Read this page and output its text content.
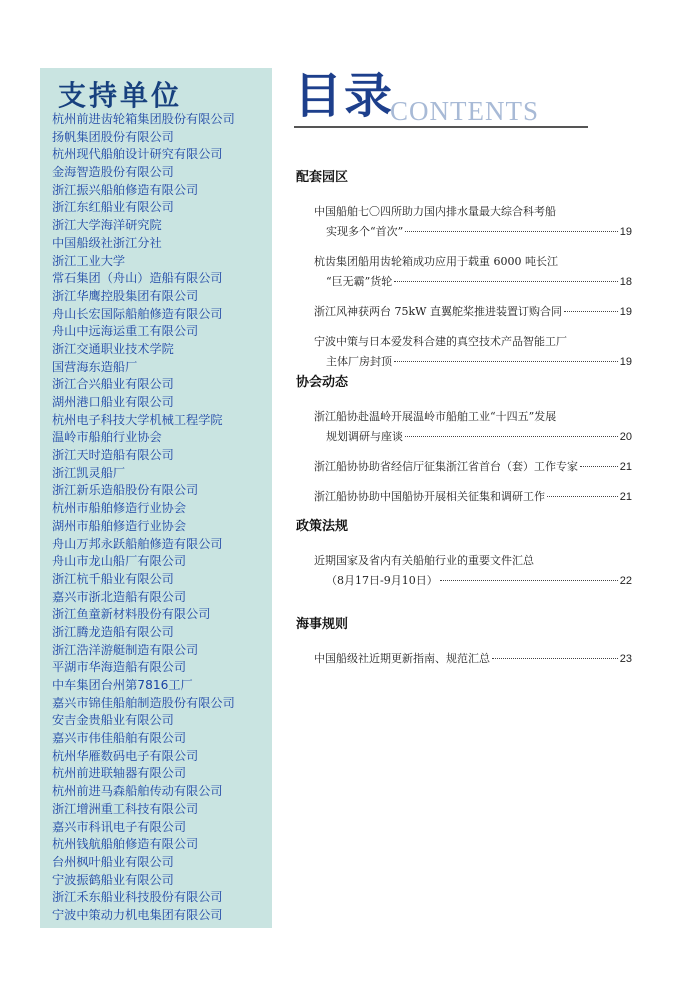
支持单位
杭州前进齿轮箱集团股份有限公司
扬帆集团股份有限公司
杭州现代船舶设计研究有限公司
金海智造股份有限公司
浙江振兴船舶修造有限公司
浙江东红船业有限公司
浙江大学海洋研究院
中国船级社浙江分社
浙江工业大学
常石集团（舟山）造船有限公司
浙江华鹰控股集团有限公司
舟山长宏国际船舶修造有限公司
舟山中远海运重工有限公司
浙江交通职业技术学院
国营海东造船厂
浙江合兴船业有限公司
湖州港口船业有限公司
杭州电子科技大学机械工程学院
温岭市船舶行业协会
浙江天时造船有限公司
浙江凯灵船厂
浙江新乐造船股份有限公司
杭州市船舶修造行业协会
湖州市船舶修造行业协会
舟山万邦永跃船舶修造有限公司
舟山市龙山船厂有限公司
浙江杭千船业有限公司
嘉兴市浙北造船有限公司
浙江鱼童新材料股份有限公司
浙江腾龙造船有限公司
浙江浩洋游艇制造有限公司
平湖市华海造船有限公司
中车集团台州第7816工厂
嘉兴市锦佳船舶制造股份有限公司
安吉金贵船业有限公司
嘉兴市伟佳船舶有限公司
杭州华雁数码电子有限公司
杭州前进联轴器有限公司
杭州前进马森船舶传动有限公司
浙江增洲重工科技有限公司
嘉兴市科讯电子有限公司
杭州钱航船舶修造有限公司
台州枫叶船业有限公司
宁波振鹤船业有限公司
浙江禾东船业科技股份有限公司
宁波中策动力机电集团有限公司
目录
CONTENTS
配套园区
中国船舶七〇四所助力国内排水量最大综合科考船
实现多个“首次”	19
杭齿集团船用齿轮箱成功应用于载重 6000 吨长江
“巨无霸”货轮	18
浙江风神获两台 75kW 直翼舵桨推进装置订购合同	19
宁波中策与日本爱发科合建的真空技术产品智能工厂
主体厂房封顶	19
协会动态
浙江船协赴温岭开展温岭市船舶工业“十四五”发展
规划调研与座谈	20
浙江船协协助省经信厅征集浙江省首台（套）工作专家	21
浙江船协协助中国船协开展相关征集和调研工作	21
政策法规
近期国家及省内有关船舶行业的重要文件汇总
（8月17日-9月10日）	22
海事规则
中国船级社近期更新指南、规范汇总	23
